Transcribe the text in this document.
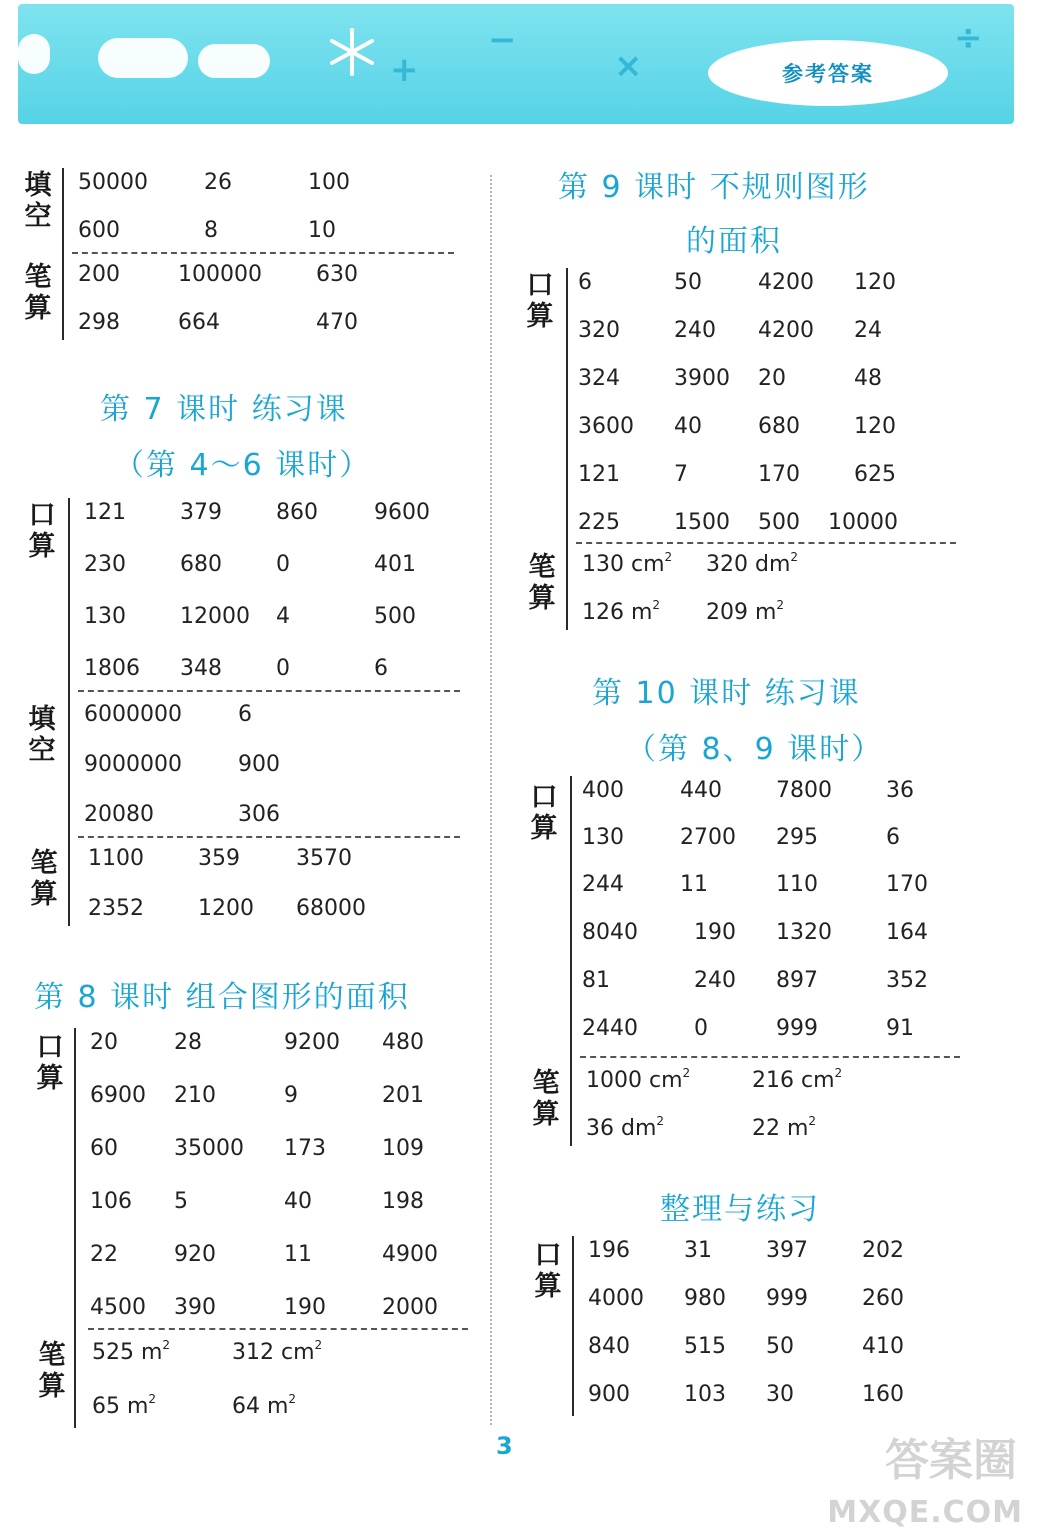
+
−
×
÷
参考答案
填
空
50000	26	100
600	8	10
笔
算
200	100000 630
298	664	470
第 7 课时 练习课
（第 4～6 课时）
口
算
121 379 860	9600
230 680 0	401
130 12000 4	500
1806 348 0	6
填
空
6000000	6
9000000	900
20080	306
笔
算
1100 359	3570
2352 1200 68000
第 8 课时 组合图形的面积
口
算
20	28	9200 480
6900 210	9	201
60	35000 173	109
106 5	40	198
22	920	11	4900
4500 390	190	2000
笔
算
525 $m^2$	312 $cm^2$
65 $m^2$	64 $m^2$
第 9 课时 不规则图形
的面积
口
算
6	50	4200 120
320 240 4200 24
324 3900 20	48
3600 40	680 120
121 7	170 625
225 1500 500 10000
笔
算
130 $cm^2$ 320 $dm^2$
126 $m^2$ 209 $m^2$
第 10 课时 练习课
（第 8、9 课时）
口
算
400	440 7800 36
130	2700 295	6
244	11	110	170
8040	190 1320 164
81	240 897	352
2440	0	999	91
笔
算
1000 $cm^2$	216 $cm^2$
36 $dm^2$	22 $m^2$
整理与练习
口
算
196 31 397 202
4000 980 999 260
840 515 50	410
900 103 30	160
3	答案圈
MXQE.COM
